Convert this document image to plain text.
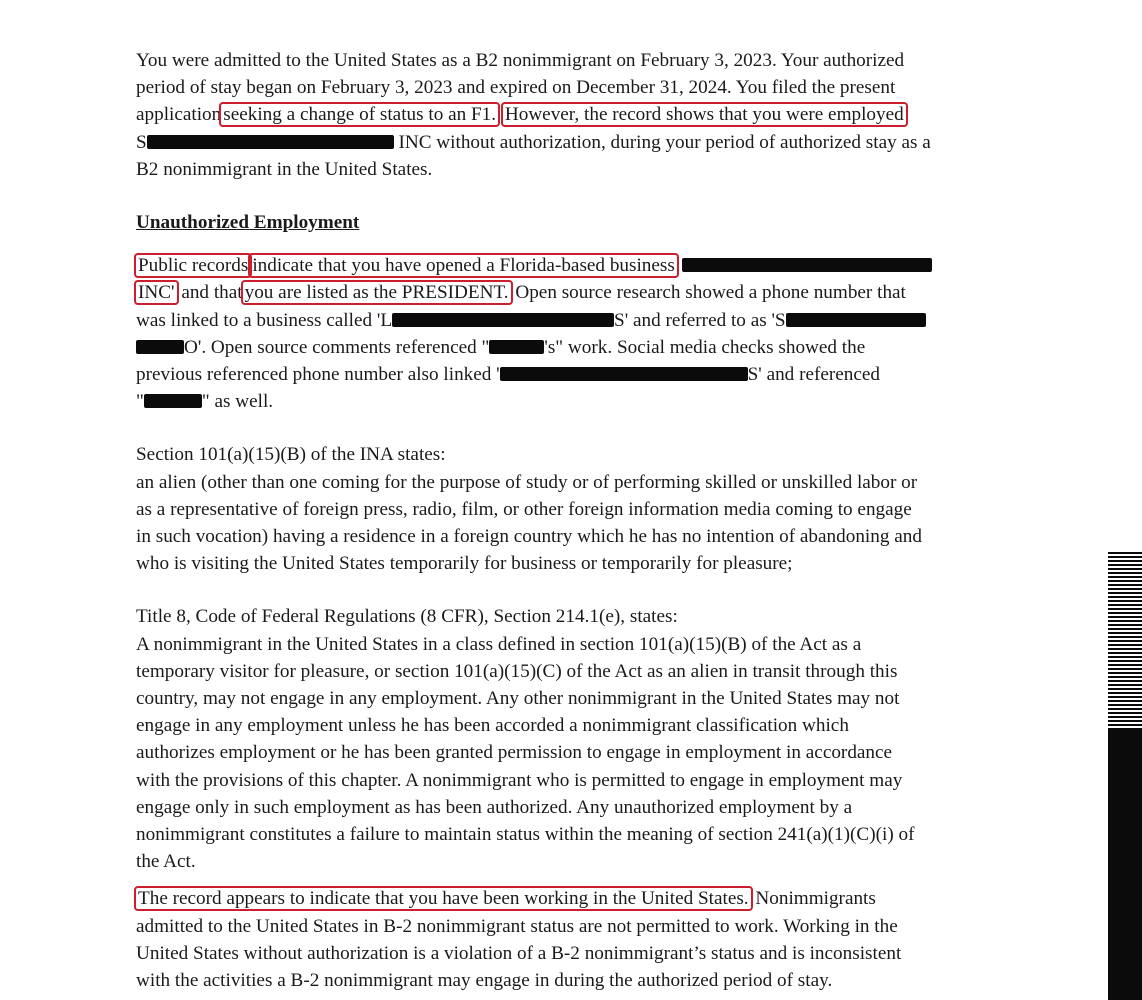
You were admitted to the United States as a B2 nonimmigrant on February 3, 2023. Your authorized
period of stay began on February 3, 2023 and expired on December 31, 2024. You filed the present
application seeking a change of status to an F1. However, the record shows that you were employed
S	INC without authorization, during your period of authorized stay as a
B2 nonimmigrant in the United States.
Unauthorized Employment
Public records indicate that you have opened a Florida-based business
INC' and that you are listed as the PRESIDENT. Open source research showed a phone number that
was linked to a business called 'L	S' and referred to as 'S
O'. Open source comments referenced "	's" work. Social media checks showed the
previous referenced phone number also linked '	S' and referenced
"	" as well.
Section 101(a)(15)(B) of the INA states:
an alien (other than one coming for the purpose of study or of performing skilled or unskilled labor or
as a representative of foreign press, radio, film, or other foreign information media coming to engage
in such vocation) having a residence in a foreign country which he has no intention of abandoning and
who is visiting the United States temporarily for business or temporarily for pleasure;
Title 8, Code of Federal Regulations (8 CFR), Section 214.1(e), states:
A nonimmigrant in the United States in a class defined in section 101(a)(15)(B) of the Act as a
temporary visitor for pleasure, or section 101(a)(15)(C) of the Act as an alien in transit through this
country, may not engage in any employment. Any other nonimmigrant in the United States may not
engage in any employment unless he has been accorded a nonimmigrant classification which
authorizes employment or he has been granted permission to engage in employment in accordance
with the provisions of this chapter. A nonimmigrant who is permitted to engage in employment may
engage only in such employment as has been authorized. Any unauthorized employment by a
nonimmigrant constitutes a failure to maintain status within the meaning of section 241(a)(1)(C)(i) of
the Act.
The record appears to indicate that you have been working in the United States. Nonimmigrants
admitted to the United States in B-2 nonimmigrant status are not permitted to work. Working in the
United States without authorization is a violation of a B-2 nonimmigrant’s status and is inconsistent
with the activities a B-2 nonimmigrant may engage in during the authorized period of stay.
